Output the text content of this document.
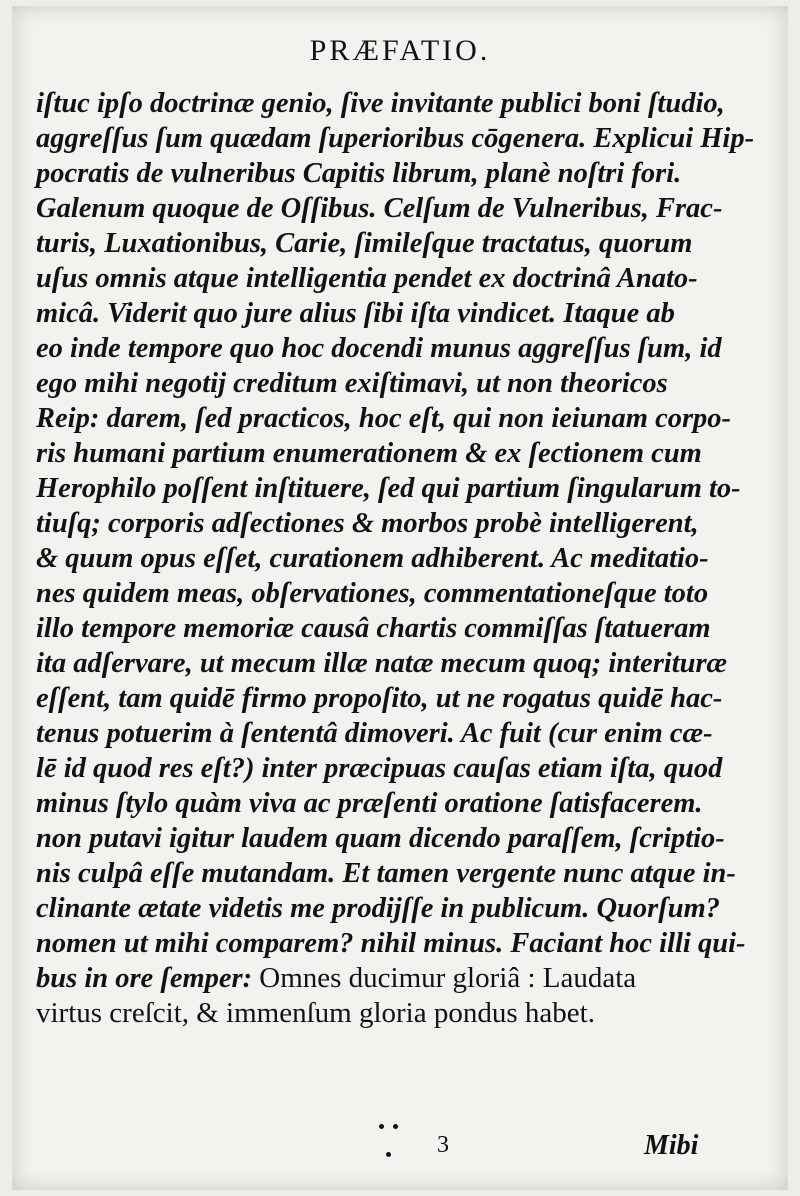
PRÆFATIO.
iſtuc ipſo doctrinæ genio, ſive invitante publici boni ſtudio,
aggreſſus ſum quædam ſuperioribus cōgenera. Explicui Hip-
pocratis de vulneribus Capitis librum, planè noſtri fori.
Galenum quoque de Oſſibus. Celſum de Vulneribus, Frac-
turis, Luxationibus, Carie, ſimileſque tractatus, quorum
uſus omnis atque intelligentia pendet ex doctrinâ Anato-
micâ. Viderit quo jure alius ſibi iſta vindicet. Itaque ab
eo inde tempore quo hoc docendi munus aggreſſus ſum, id
ego mihi negotij creditum exiſtimavi, ut non theoricos
Reip: darem, ſed practicos, hoc eſt, qui non ieiunam corpo-
ris humani partium enumerationem & ex ſectionem cum
Herophilo poſſent inſtituere, ſed qui partium ſingularum to-
tiuſq; corporis adſectiones & morbos probè intelligerent,
& quum opus eſſet, curationem adhiberent. Ac meditatio-
nes quidem meas, obſervationes, commentationeſque toto
illo tempore memoriæ causâ chartis commiſſas ſtatueram
ita adſervare, ut mecum illæ natæ mecum quoq; interituræ
eſſent, tam quidē firmo propoſito, ut ne rogatus quidē hac-
tenus potuerim à ſententâ dimoveri. Ac fuit (cur enim cæ-
lē id quod res eſt?) inter præcipuas cauſas etiam iſta, quod
minus ſtylo quàm viva ac præſenti oratione ſatisfacerem.
non putavi igitur laudem quam dicendo paraſſem, ſcriptio-
nis culpâ eſſe mutandam. Et tamen vergente nunc atque in-
clinante ætate videtis me prodijſſe in publicum. Quorſum?
nomen ut mihi comparem? nihil minus. Faciant hoc illi qui-
bus in ore ſemper: Omnes ducimur gloriâ : Laudata
virtus creſcit, & immenſum gloria pondus habet.
3	Mibi
